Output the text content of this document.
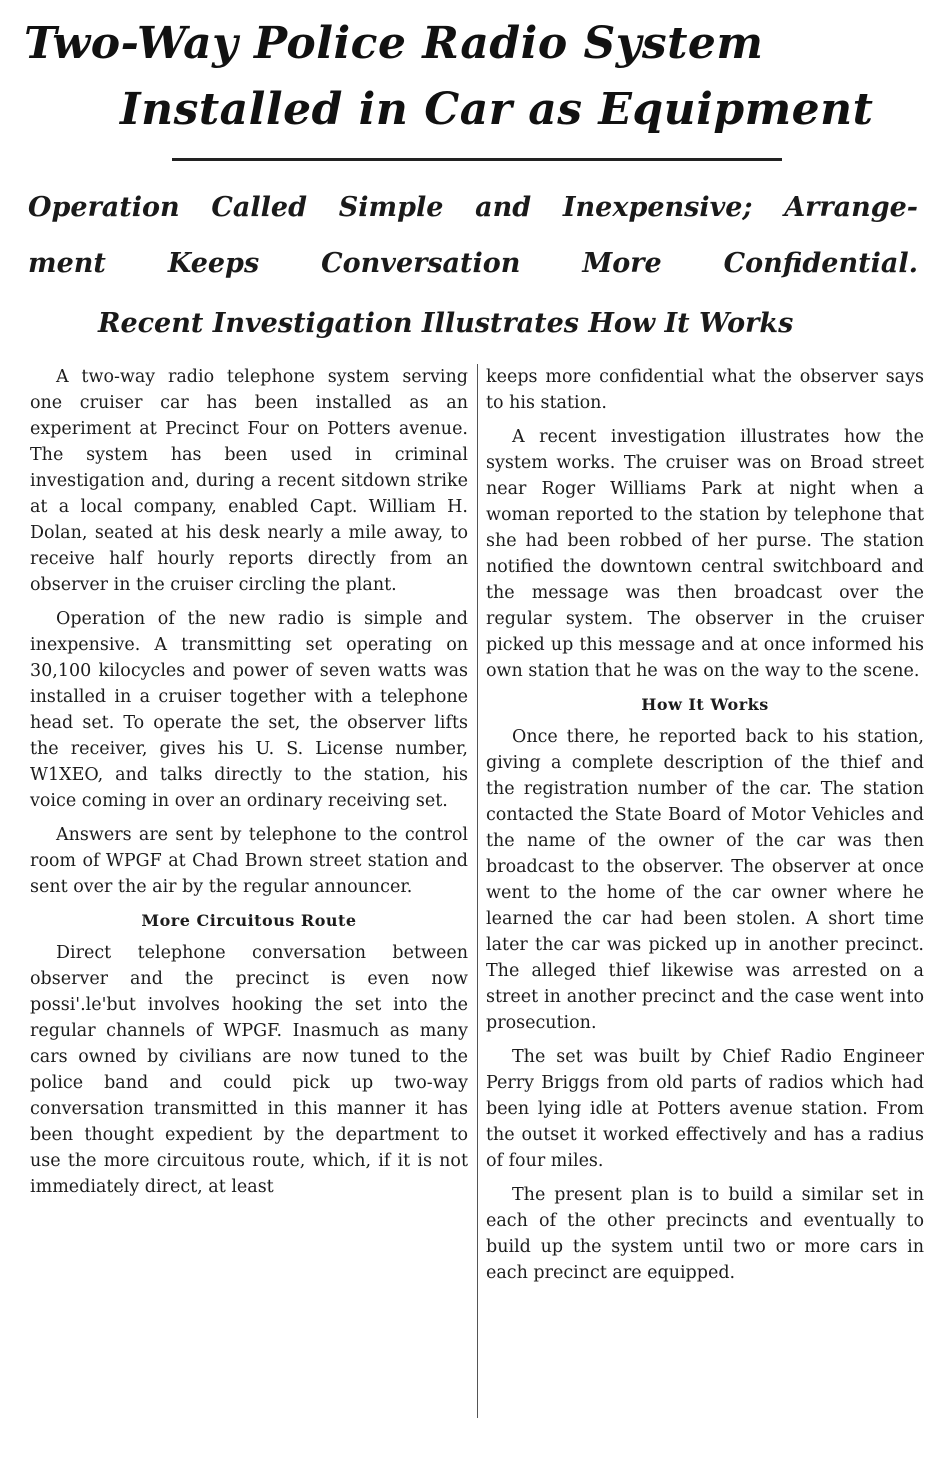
Two-Way Police Radio System
Installed in Car as Equipment
Operation Called Simple and Inexpensive; Arrange-
ment Keeps Conversation More Confidential.
Recent Investigation Illustrates How It Works

A two-way radio telephone system serving one cruiser car has been installed as an experiment at Precinct Four on Potters avenue. The system has been used in criminal investigation and, during a recent sitdown strike at a local company, enabled Capt. William H. Dolan, seated at his desk nearly a mile away, to receive half hourly reports directly from an observer in the cruiser circling the plant.

Operation of the new radio is simple and inexpensive. A transmitting set operating on 30,100 kilocycles and power of seven watts was installed in a cruiser together with a telephone head set. To operate the set, the observer lifts the receiver, gives his U. S. License number, W1XEO, and talks directly to the station, his voice coming in over an ordinary receiving set.

Answers are sent by telephone to the control room of WPGF at Chad Brown street station and sent over the air by the regular announcer.

More Circuitous Route

Direct telephone conversation between observer and the precinct is even now possi'.le'but involves hooking the set into the regular channels of WPGF. Inasmuch as many cars owned by civilians are now tuned to the police band and could pick up two-way conversation transmitted in this manner it has been thought expedient by the department to use the more circuitous route, which, if it is not immediately direct, at least

keeps more confidential what the observer says to his station.

A recent investigation illustrates how the system works. The cruiser was on Broad street near Roger Williams Park at night when a woman reported to the station by telephone that she had been robbed of her purse. The station notified the downtown central switchboard and the message was then broadcast over the regular system. The observer in the cruiser picked up this message and at once informed his own station that he was on the way to the scene.

How It Works

Once there, he reported back to his station, giving a complete description of the thief and the registration number of the car. The station contacted the State Board of Motor Vehicles and the name of the owner of the car was then broadcast to the observer. The observer at once went to the home of the car owner where he learned the car had been stolen. A short time later the car was picked up in another precinct. The alleged thief likewise was arrested on a street in another precinct and the case went into prosecution.

The set was built by Chief Radio Engineer Perry Briggs from old parts of radios which had been lying idle at Potters avenue station. From the outset it worked effectively and has a radius of four miles.

The present plan is to build a similar set in each of the other precincts and eventually to build up the system until two or more cars in each precinct are equipped.
